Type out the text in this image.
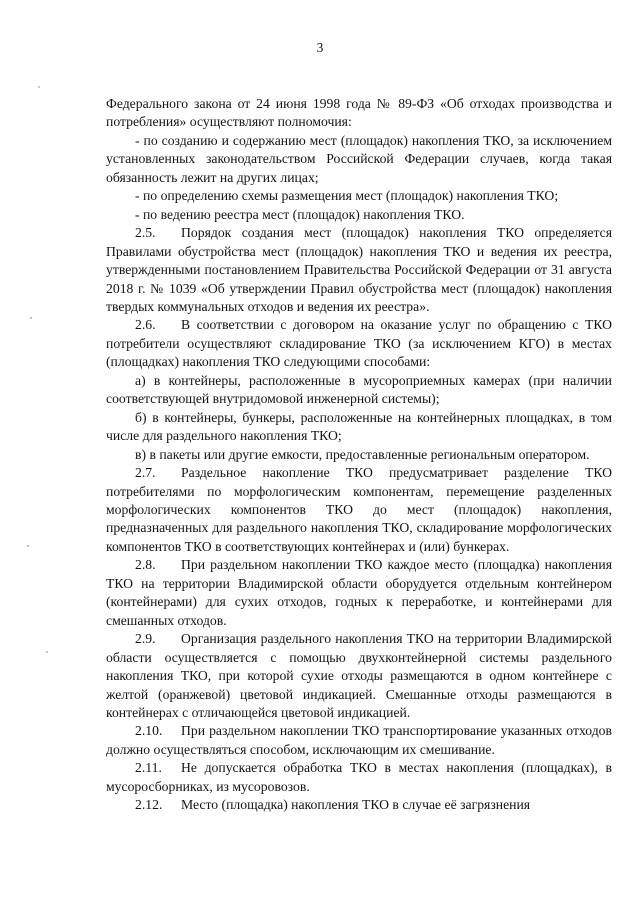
3

Федерального закона от 24 июня 1998 года № 89-ФЗ «Об отходах производства и потребления» осуществляют полномочия:

- по созданию и содержанию мест (площадок) накопления ТКО, за исключением установленных законодательством Российской Федерации случаев, когда такая обязанность лежит на других лицах;

- по определению схемы размещения мест (площадок) накопления ТКО;

- по ведению реестра мест (площадок) накопления ТКО.

2.5. Порядок создания мест (площадок) накопления ТКО определяется Правилами обустройства мест (площадок) накопления ТКО и ведения их реестра, утвержденными постановлением Правительства Российской Федерации от 31 августа 2018 г. № 1039 «Об утверждении Правил обустройства мест (площадок) накопления твердых коммунальных отходов и ведения их реестра».

2.6. В соответствии с договором на оказание услуг по обращению с ТКО потребители осуществляют складирование ТКО (за исключением КГО) в местах (площадках) накопления ТКО следующими способами:

а) в контейнеры, расположенные в мусороприемных камерах (при наличии соответствующей внутридомовой инженерной системы);

б) в контейнеры, бункеры, расположенные на контейнерных площадках, в том числе для раздельного накопления ТКО;

в) в пакеты или другие емкости, предоставленные региональным оператором.

2.7. Раздельное накопление ТКО предусматривает разделение ТКО потребителями по морфологическим компонентам, перемещение разделенных морфологических компонентов ТКО до мест (площадок) накопления, предназначенных для раздельного накопления ТКО, складирование морфологических компонентов ТКО в соответствующих контейнерах и (или) бункерах.

2.8. При раздельном накоплении ТКО каждое место (площадка) накопления ТКО на территории Владимирской области оборудуется отдельным контейнером (контейнерами) для сухих отходов, годных к переработке, и контейнерами для смешанных отходов.

2.9. Организация раздельного накопления ТКО на территории Владимирской области осуществляется с помощью двухконтейнерной системы раздельного накопления ТКО, при которой сухие отходы размещаются в одном контейнере с желтой (оранжевой) цветовой индикацией. Смешанные отходы размещаются в контейнерах с отличающейся цветовой индикацией.

2.10. При раздельном накоплении ТКО транспортирование указанных отходов должно осуществляться способом, исключающим их смешивание.

2.11. Не допускается обработка ТКО в местах накопления (площадках), в мусоросборниках, из мусоровозов.

2.12. Место (площадка) накопления ТКО в случае её загрязнения
